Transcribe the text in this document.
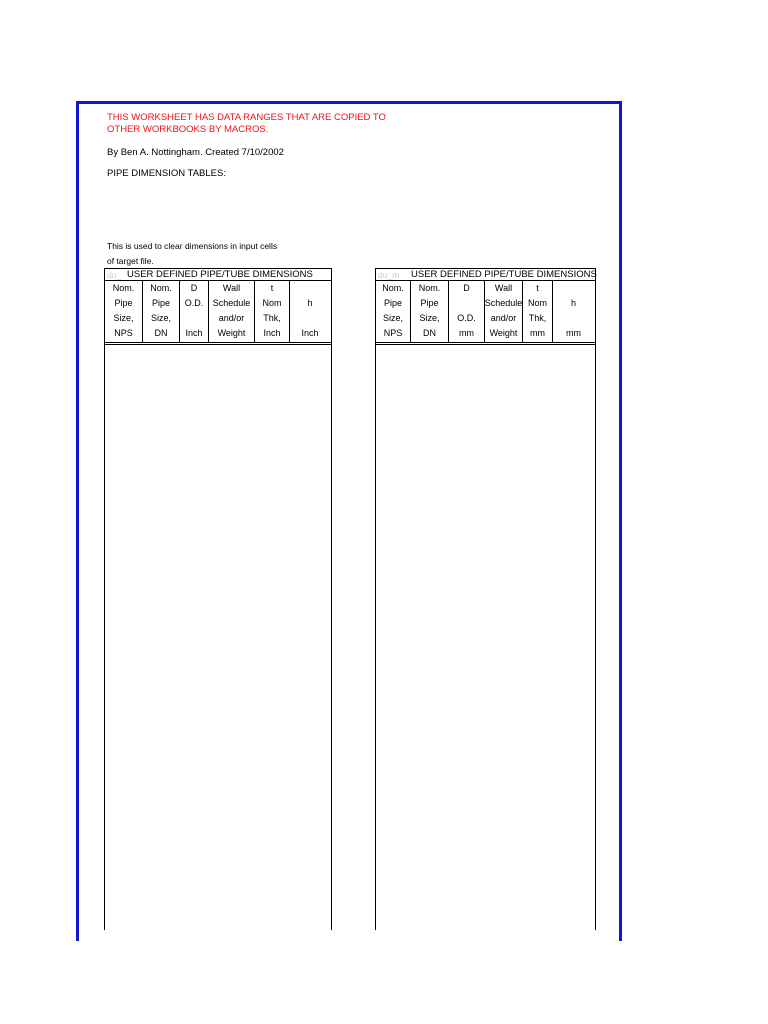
THIS WORKSHEET HAS DATA RANGES THAT ARE COPIED TO
OTHER WORKBOOKS BY MACROS.
By Ben A. Nottingham. Created 7/10/2002
PIPE DIMENSION TABLES:
This is used to clear dimensions in input cells
of target file.
du_ USER DEFINED PIPE/TUBE DIMENSIONS
Nom.
Pipe
Size,
NPS
Nom.
Pipe
Size,
DN
D
O.D.
Inch
Wall
Schedule
and/or
Weight
t
Nom
Thk,
Inch
h
Inch
du_m USER DEFINED PIPE/TUBE DIMENSIONS
Nom.
Pipe
Size,
NPS
Nom.
Pipe
Size,
DN
D
O.D.
mm
Wall
Schedule
and/or
Weight
t
Nom
Thk,
mm
h
mm
